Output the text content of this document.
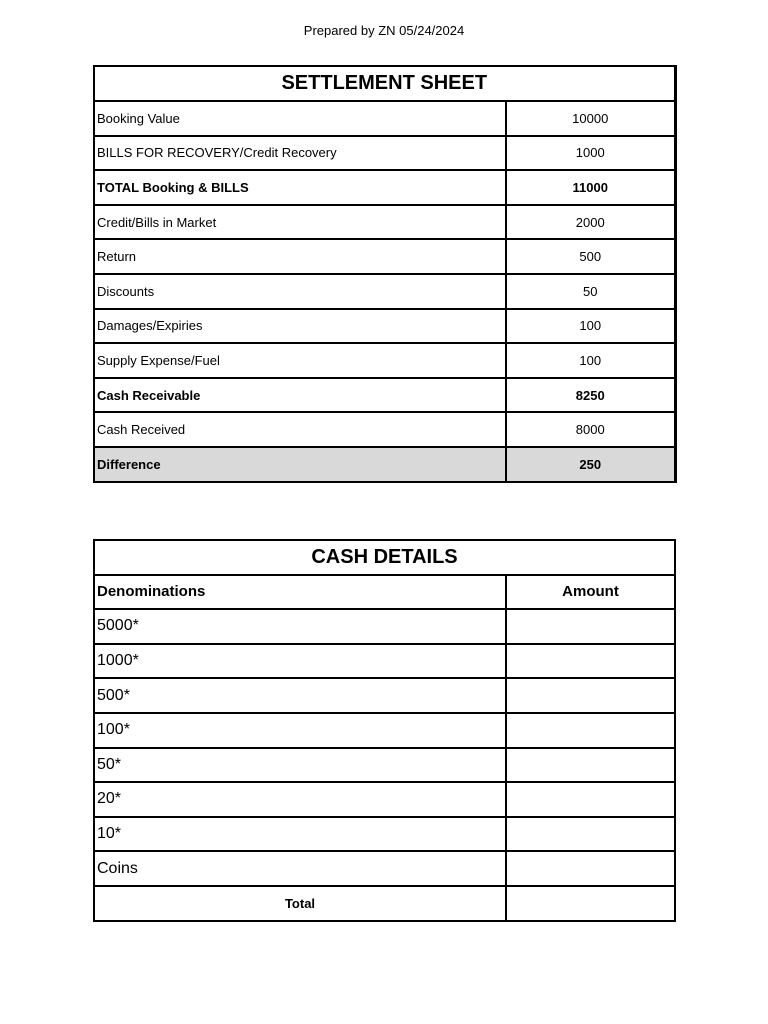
Prepared by ZN 05/24/2024
SETTLEMENT SHEET	
Booking Value	10000
BILLS FOR RECOVERY/Credit Recovery	1000
TOTAL Booking & BILLS	11000
Credit/Bills in Market	2000
Return	500
Discounts	50
Damages/Expiries	100
Supply Expense/Fuel	100
Cash Receivable	8250
Cash Received	8000
Difference	250
CASH DETAILS	
Denominations	Amount
5000*	
1000*	
500*	
100*	
50*	
20*	
10*	
Coins	
Total	
